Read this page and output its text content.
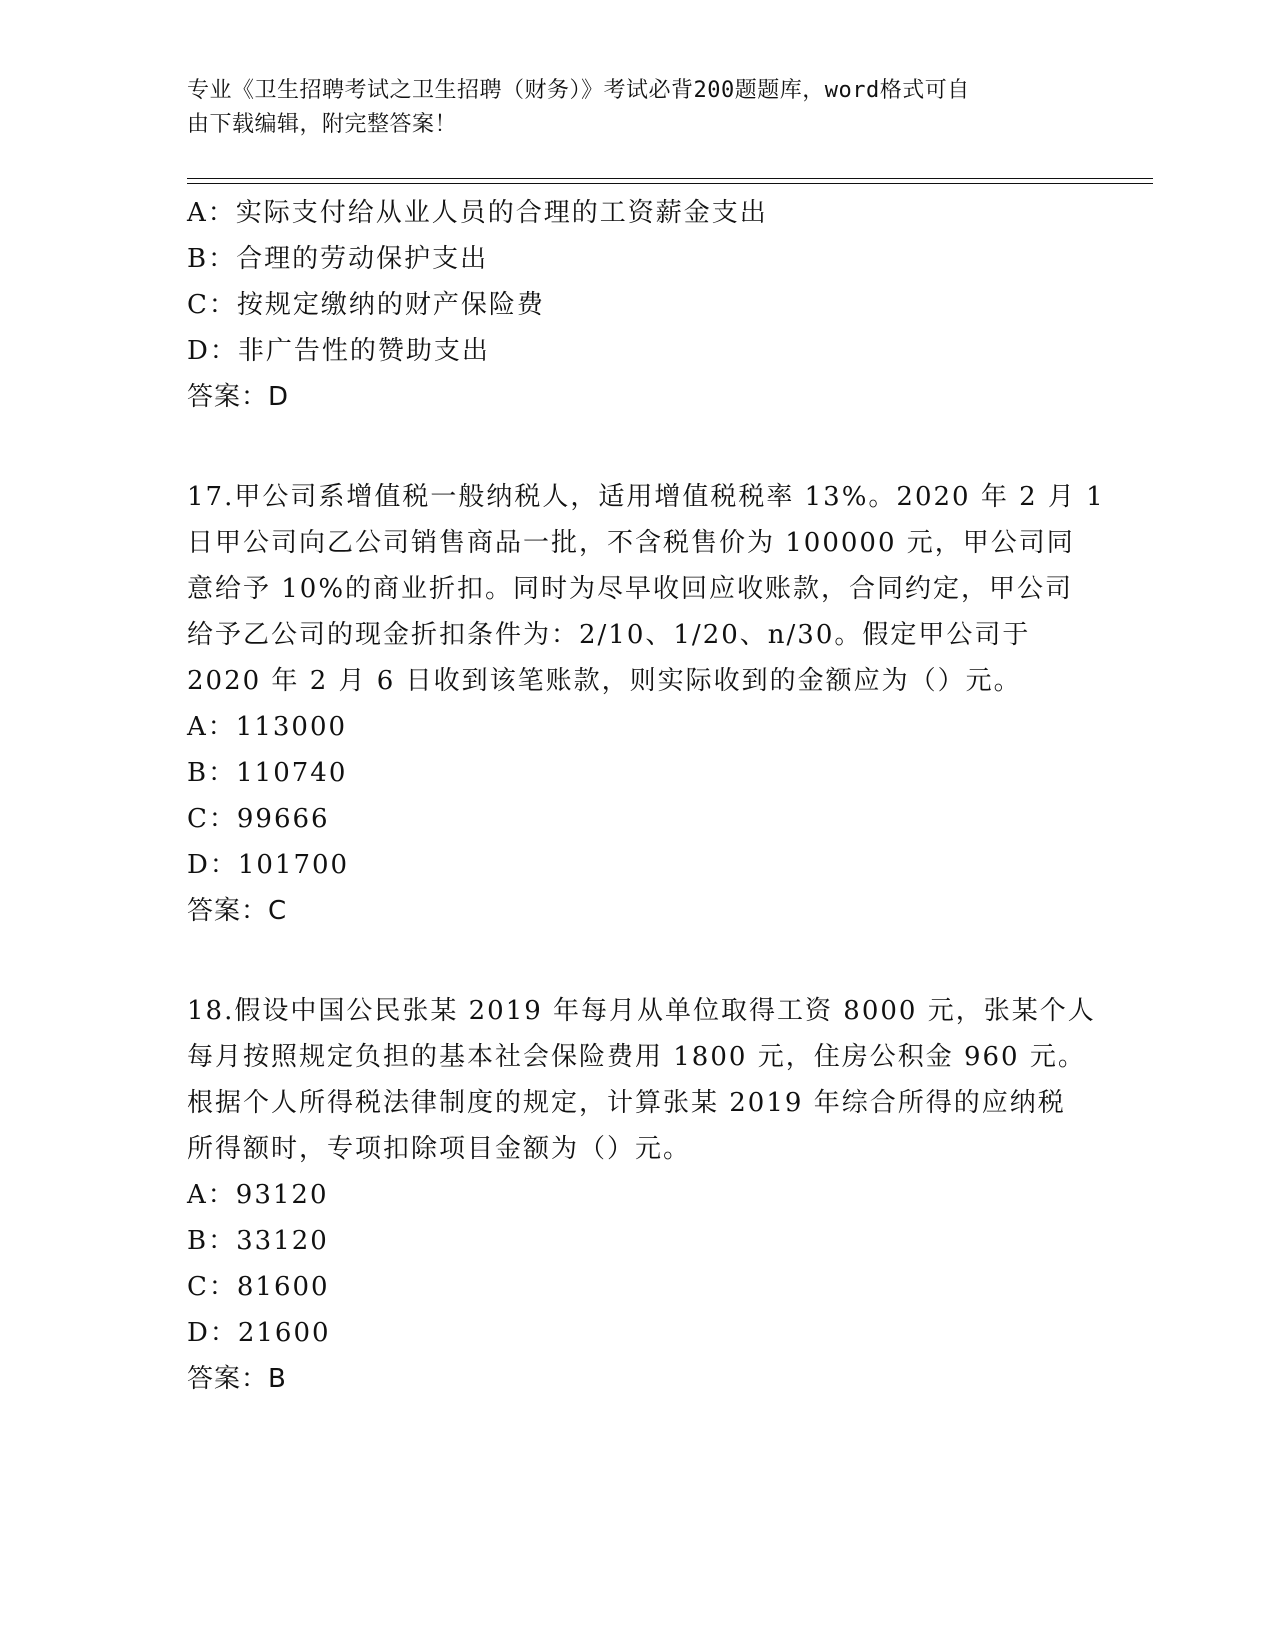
专业《卫生招聘考试之卫生招聘（财务）》考试必背200题题库，word格式可自
由下载编辑，附完整答案！
A：实际支付给从业人员的合理的工资薪金支出
B：合理的劳动保护支出
C：按规定缴纳的财产保险费
D：非广告性的赞助支出
答案：D
17.甲公司系增值税一般纳税人，适用增值税税率 13%。2020 年 2 月 1
日甲公司向乙公司销售商品一批，不含税售价为 100000 元，甲公司同
意给予 10%的商业折扣。同时为尽早收回应收账款，合同约定，甲公司
给予乙公司的现金折扣条件为：2/10、1/20、n/30。假定甲公司于
2020 年 2 月 6 日收到该笔账款，则实际收到的金额应为（）元。
A：113000
B：110740
C：99666
D：101700
答案：C
18.假设中国公民张某 2019 年每月从单位取得工资 8000 元，张某个人
每月按照规定负担的基本社会保险费用 1800 元，住房公积金 960 元。
根据个人所得税法律制度的规定，计算张某 2019 年综合所得的应纳税
所得额时，专项扣除项目金额为（）元。
A：93120
B：33120
C：81600
D：21600
答案：B
